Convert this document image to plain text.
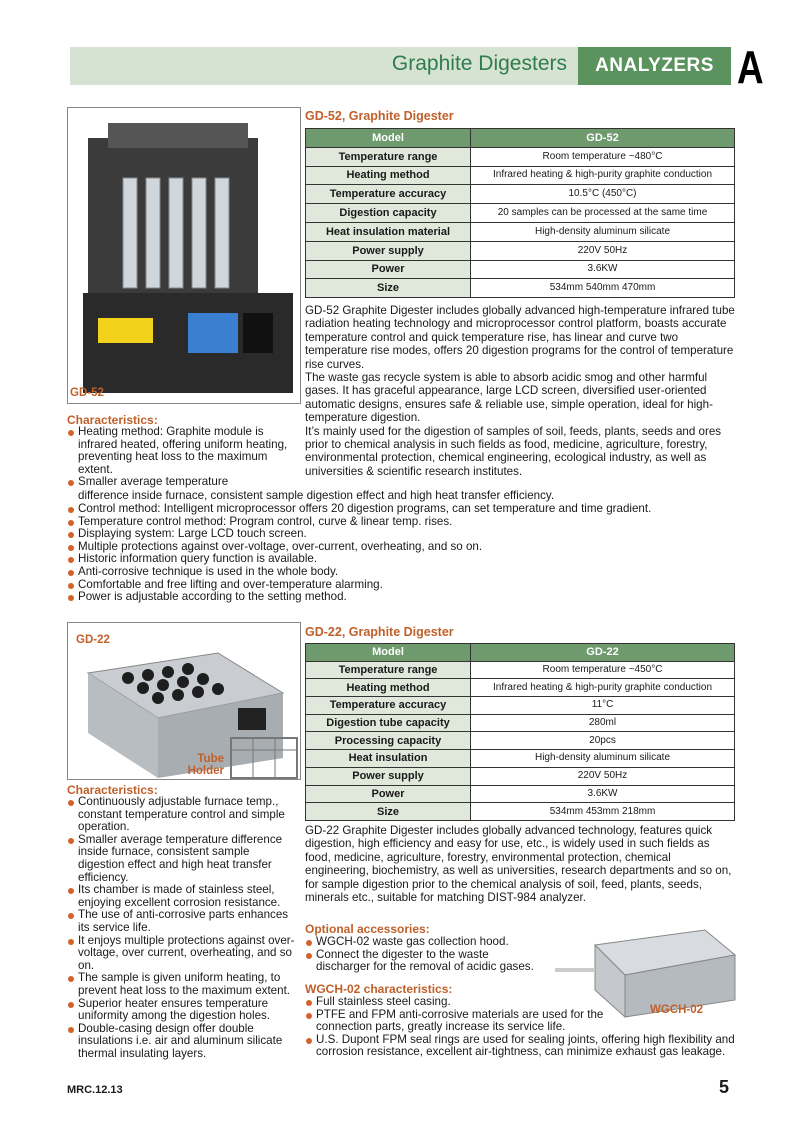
Graphite Digesters	ANALYZERS A
GD-52
GD-52, Graphite Digester
Model	GD-52
Temperature range	Room temperature ~480°C
Heating method	Infrared heating & high-purity graphite conduction
Temperature accuracy	10.5°C (450°C)
Digestion capacity	20 samples can be processed at the same time
Heat insulation material	High-density aluminum silicate
Power supply	220V 50Hz
Power	3.6KW
Size	534mm 540mm 470mm

GD-52 Graphite Digester includes globally advanced high-temperature infrared tube radiation heating technology and microprocessor control platform, boasts accurate temperature control and quick temperature rise, has linear and curve two temperature rise modes, offers 20 digestion programs for the control of temperature rise curves.

The waste gas recycle system is able to absorb acidic smog and other harmful gases. It has graceful appearance, large LCD screen, diversified user-oriented automatic designs, ensures safe & reliable use, simple operation, ideal for high-temperature digestion.

It’s mainly used for the digestion of samples of soil, feeds, plants, seeds and ores prior to chemical analysis in such fields as food, medicine, agriculture, forestry, environmental protection, chemical engineering, ecological industry, as well as universities & scientific research institutes.

Characteristics:
Heating method: Graphite module is infrared heated, offering uniform heating, preventing heat loss to the maximum extent.
Smaller average temperature
difference inside furnace, consistent sample digestion effect and high heat transfer efficiency.
Control method: Intelligent microprocessor offers 20 digestion programs, can set temperature and time gradient.
Temperature control method: Program control, curve & linear temp. rises.
Displaying system: Large LCD touch screen.
Multiple protections against over-voltage, over-current, overheating, and so on.
Historic information query function is available.
Anti-corrosive technique is used in the whole body.
Comfortable and free lifting and over-temperature alarming.
Power is adjustable according to the setting method.
GD-22
Tube Holder
GD-22, Graphite Digester
Model	GD-22
Temperature range	Room temperature ~450°C
Heating method	Infrared heating & high-purity graphite conduction
Temperature accuracy	11°C
Digestion tube capacity	280ml
Processing capacity	20pcs
Heat insulation	High-density aluminum silicate
Power supply	220V 50Hz
Power	3.6KW
Size	534mm 453mm 218mm
GD-22 Graphite Digester includes globally advanced technology, features quick digestion, high efficiency and easy for use, etc., is widely used in such fields as food, medicine, agriculture, forestry, environmental protection, chemical engineering, biochemistry, as well as universities, research departments and so on, for sample digestion prior to the chemical analysis of soil, feed, plants, seeds, minerals etc., suitable for matching DIST-984 analyzer.
Characteristics:
Continuously adjustable furnace temp., constant temperature control and simple operation.
Smaller average temperature difference inside furnace, consistent sample digestion effect and high heat transfer efficiency.
Its chamber is made of stainless steel, enjoying excellent corrosion resistance.
The use of anti-corrosive parts enhances its service life.
It enjoys multiple protections against over-voltage, over current, overheating, and so on.
The sample is given uniform heating, to prevent heat loss to the maximum extent.
Superior heater ensures temperature uniformity among the digestion holes.
Double-casing design offer double insulations i.e. air and aluminum silicate thermal insulating layers.
Optional accessories:
WGCH-02 waste gas collection hood.
Connect the digester to the waste discharger for the removal of acidic gases.
WGCH-02
WGCH-02 characteristics:
Full stainless steel casing.
PTFE and FPM anti-corrosive materials are used for the connection parts, greatly increase its service life.
U.S. Dupont FPM seal rings are used for sealing joints, offering high flexibility and corrosion resistance, excellent air-tightness, can minimize exhaust gas leakage.
MRC.12.13	5
